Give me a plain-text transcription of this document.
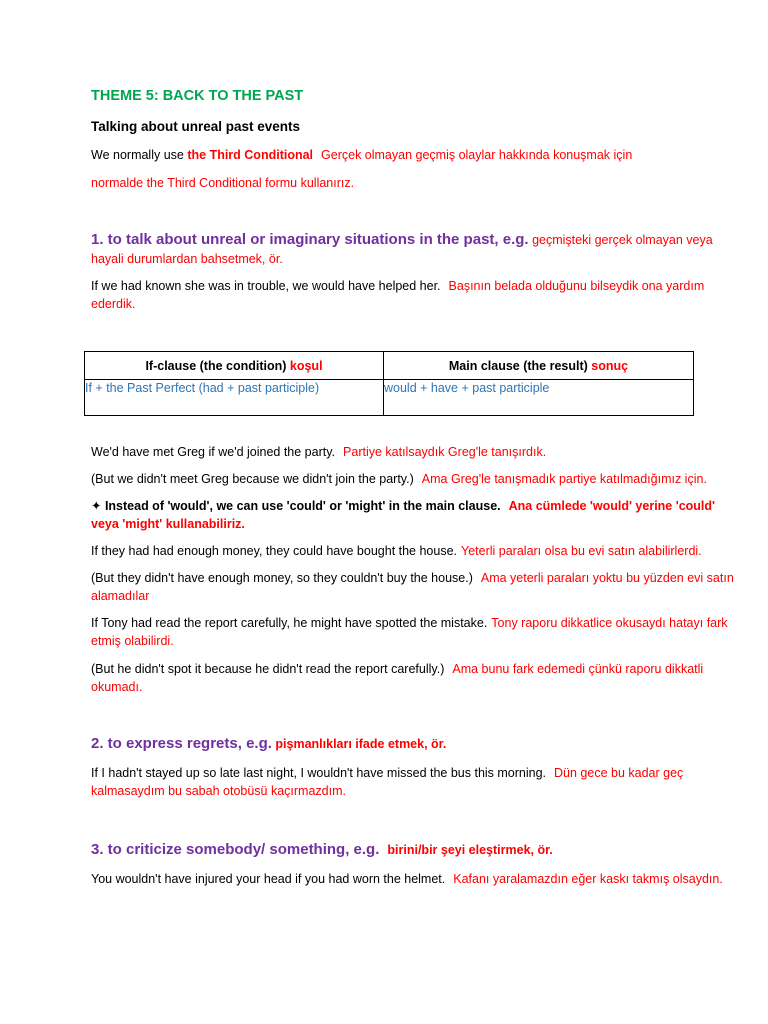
THEME 5: BACK TO THE PAST
Talking about unreal past events
We normally use the Third Conditional Gerçek olmayan geçmiş olaylar hakkında konuşmak için
normalde the Third Conditional formu kullanırız.
1. to talk about unreal or imaginary situations in the past, e.g. geçmişteki gerçek olmayan veya hayali durumlardan bahsetmek, ör.
If we had known she was in trouble, we would have helped her. Başının belada olduğunu bilseydik ona yardım ederdik.
If-clause (the condition) koşul	Main clause (the result) sonuç
If + the Past Perfect (had + past participle)	would + have + past participle
We'd have met Greg if we'd joined the party. Partiye katılsaydık Greg'le tanışırdık.
(But we didn't meet Greg because we didn't join the party.) Ama Greg'le tanışmadık partiye katılmadığımız için.
✦ Instead of 'would', we can use 'could' or 'might' in the main clause. Ana cümlede 'would' yerine 'could' veya 'might' kullanabiliriz.
If they had had enough money, they could have bought the house. Yeterli paraları olsa bu evi satın alabilirlerdi.
(But they didn't have enough money, so they couldn't buy the house.) Ama yeterli paraları yoktu bu yüzden evi satın alamadılar
If Tony had read the report carefully, he might have spotted the mistake. Tony raporu dikkatlice okusaydı hatayı fark etmiş olabilirdi.
(But he didn't spot it because he didn't read the report carefully.) Ama bunu fark edemedi çünkü raporu dikkatli okumadı.
2. to express regrets, e.g. pişmanlıkları ifade etmek, ör.
If I hadn't stayed up so late last night, I wouldn't have missed the bus this morning. Dün gece bu kadar geç kalmasaydım bu sabah otobüsü kaçırmazdım.
3. to criticize somebody/ something, e.g. birini/bir şeyi eleştirmek, ör.
You wouldn't have injured your head if you had worn the helmet. Kafanı yaralamazdın eğer kaskı takmış olsaydın.
